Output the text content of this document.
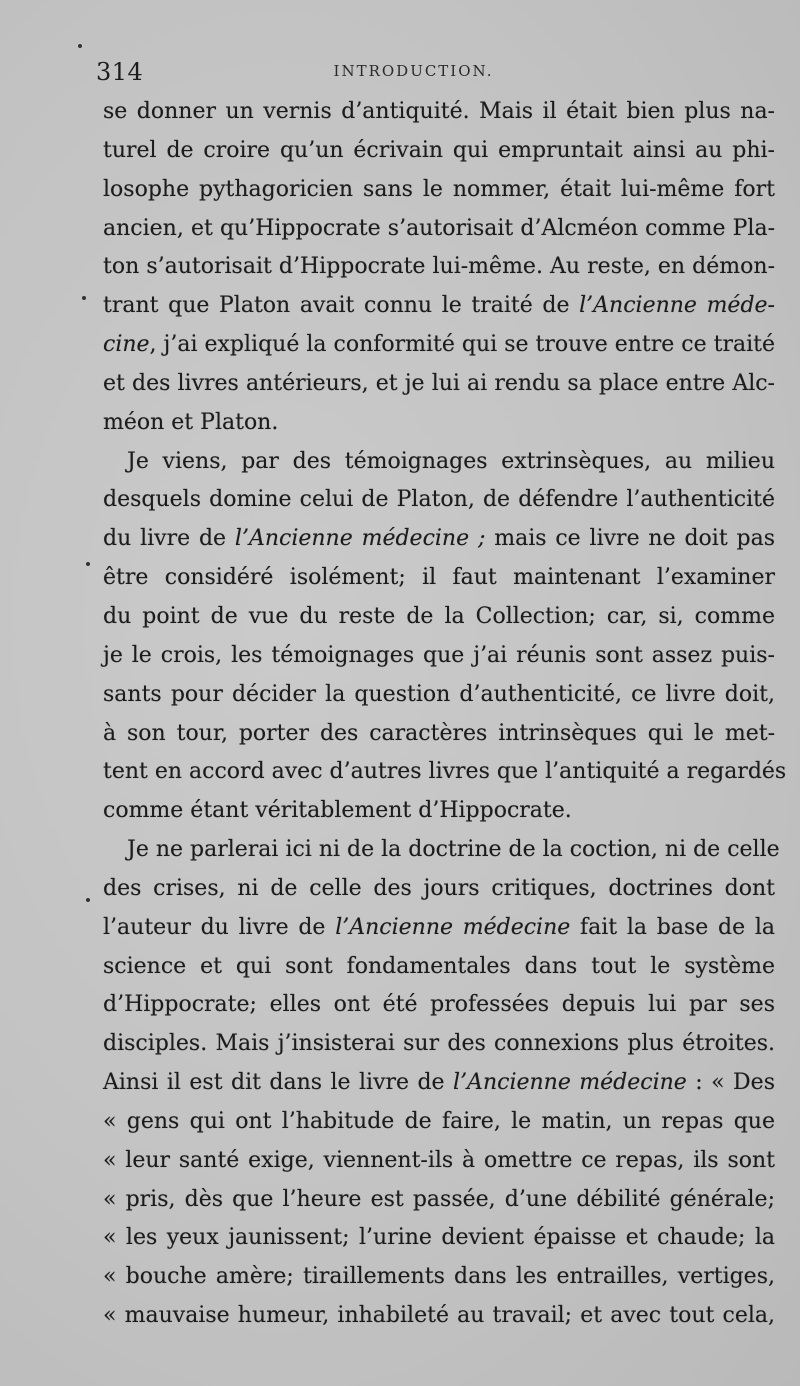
314	INTRODUCTION.
se donner un vernis d’antiquité. Mais il était bien plus na-
turel de croire qu’un écrivain qui empruntait ainsi au phi-
losophe pythagoricien sans le nommer, était lui-même fort
ancien, et qu’Hippocrate s’autorisait d’Alcméon comme Pla-
ton s’autorisait d’Hippocrate lui-même. Au reste, en démon-
trant que Platon avait connu le traité de l’Ancienne méde-
cine, j’ai expliqué la conformité qui se trouve entre ce traité
et des livres antérieurs, et je lui ai rendu sa place entre Alc-
méon et Platon.
Je viens, par des témoignages extrinsèques, au milieu
desquels domine celui de Platon, de défendre l’authenticité
du livre de l’Ancienne médecine ; mais ce livre ne doit pas
être considéré isolément; il faut maintenant l’examiner
du point de vue du reste de la Collection; car, si, comme
je le crois, les témoignages que j’ai réunis sont assez puis-
sants pour décider la question d’authenticité, ce livre doit,
à son tour, porter des caractères intrinsèques qui le met-
tent en accord avec d’autres livres que l’antiquité a regardés
comme étant véritablement d’Hippocrate.
Je ne parlerai ici ni de la doctrine de la coction, ni de celle
des crises, ni de celle des jours critiques, doctrines dont
l’auteur du livre de l’Ancienne médecine fait la base de la
science et qui sont fondamentales dans tout le système
d’Hippocrate; elles ont été professées depuis lui par ses
disciples. Mais j’insisterai sur des connexions plus étroites.
Ainsi il est dit dans le livre de l’Ancienne médecine : « Des
« gens qui ont l’habitude de faire, le matin, un repas que
« leur santé exige, viennent-ils à omettre ce repas, ils sont
« pris, dès que l’heure est passée, d’une débilité générale;
« les yeux jaunissent; l’urine devient épaisse et chaude; la
« bouche amère; tiraillements dans les entrailles, vertiges,
« mauvaise humeur, inhabileté au travail; et avec tout cela,
